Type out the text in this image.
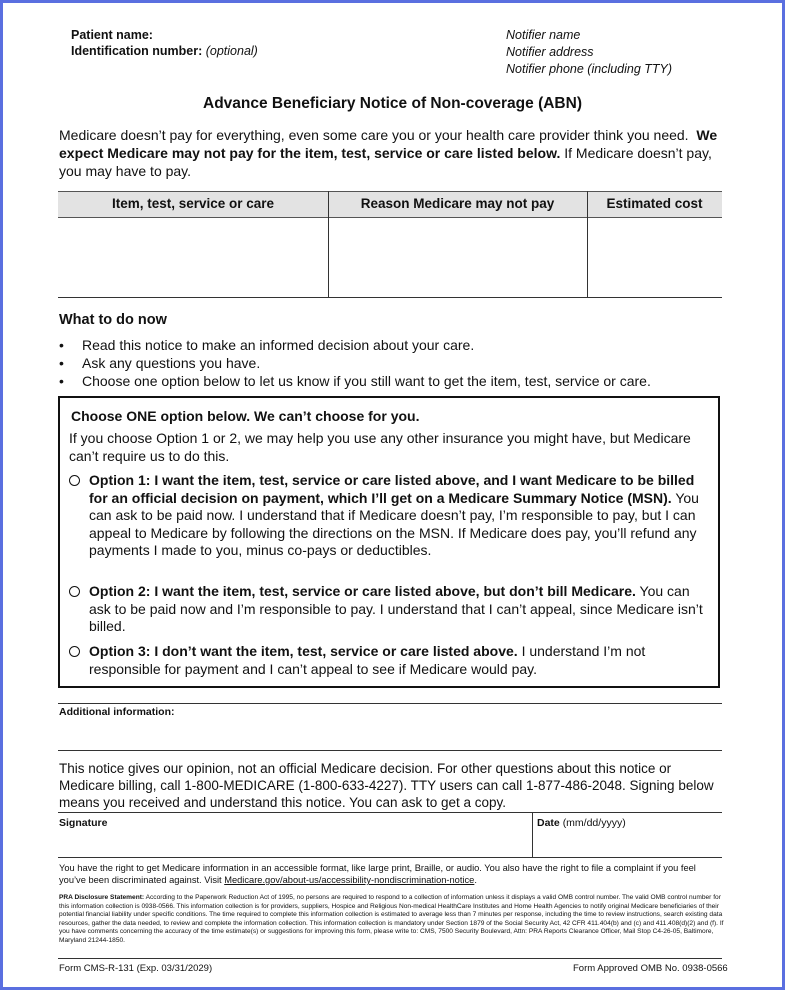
Patient name:
Identification number: (optional)
Notifier name
Notifier address
Notifier phone (including TTY)
Advance Beneficiary Notice of Non-coverage (ABN)
Medicare doesn’t pay for everything, even some care you or your health care provider think you need. We expect Medicare may not pay for the item, test, service or care listed below. If Medicare doesn’t pay, you may have to pay.
Item, test, service or care	Reason Medicare may not pay	Estimated cost
What to do now
• Read this notice to make an informed decision about your care.
• Ask any questions you have.
• Choose one option below to let us know if you still want to get the item, test, service or care.
Choose ONE option below. We can’t choose for you.
If you choose Option 1 or 2, we may help you use any other insurance you might have, but Medicare can’t require us to do this.
Option 1: I want the item, test, service or care listed above, and I want Medicare to be billed for an official decision on payment, which I’ll get on a Medicare Summary Notice (MSN). You can ask to be paid now. I understand that if Medicare doesn’t pay, I’m responsible to pay, but I can appeal to Medicare by following the directions on the MSN. If Medicare does pay, you’ll refund any payments I made to you, minus co-pays or deductibles.
Option 2: I want the item, test, service or care listed above, but don’t bill Medicare. You can ask to be paid now and I’m responsible to pay. I understand that I can’t appeal, since Medicare isn’t billed.
Option 3: I don’t want the item, test, service or care listed above. I understand I’m not responsible for payment and I can’t appeal to see if Medicare would pay.
Additional information:
This notice gives our opinion, not an official Medicare decision. For other questions about this notice or Medicare billing, call 1-800-MEDICARE (1-800-633-4227). TTY users can call 1-877-486-2048. Signing below means you received and understand this notice. You can ask to get a copy.
Signature	Date (mm/dd/yyyy)
You have the right to get Medicare information in an accessible format, like large print, Braille, or audio. You also have the right to file a complaint if you feel you’ve been discriminated against. Visit Medicare.gov/about-us/accessibility-nondiscrimination-notice.
PRA Disclosure Statement: According to the Paperwork Reduction Act of 1995, no persons are required to respond to a collection of information unless it displays a valid OMB control number. The valid OMB control number for this information collection is 0938-0566. This information collection is for providers, suppliers, Hospice and Religious Non-medical HealthCare Institutes and Home Health Agencies to notify original Medicare beneficiaries of their potential financial liability under specific conditions. The time required to complete this information collection is estimated to average less than 7 minutes per response, including the time to review instructions, search existing data resources, gather the data needed, to review and complete the information collection. This information collection is mandatory under Section 1879 of the Social Security Act, 42 CFR 411.404(b) and (c) and 411.408(d)(2) and (f). If you have comments concerning the accuracy of the time estimate(s) or suggestions for improving this form, please write to: CMS, 7500 Security Boulevard, Attn: PRA Reports Clearance Officer, Mail Stop C4-26-05, Baltimore, Maryland 21244-1850.
Form CMS-R-131 (Exp. 03/31/2029)	Form Approved OMB No. 0938-0566
